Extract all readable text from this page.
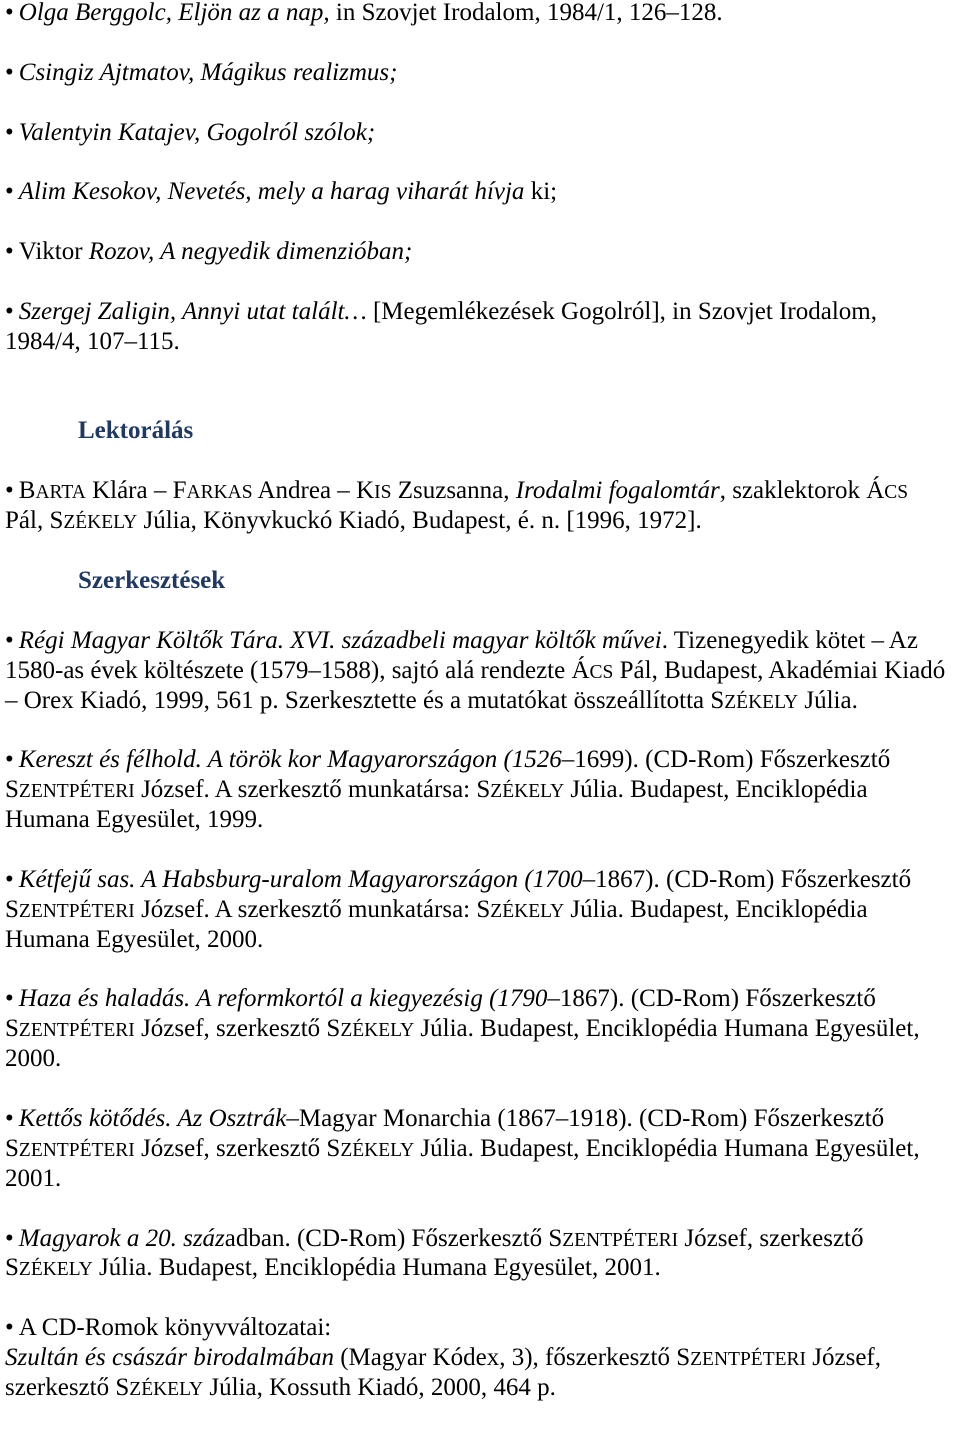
• Olga Berggolc, Eljön az a nap, in Szovjet Irodalom, 1984/1, 126–128.
• Csingiz Ajtmatov, Mágikus realizmus;
• Valentyin Katajev, Gogolról szólok;
• Alim Kesokov, Nevetés, mely a harag viharát hívja ki;
• Viktor Rozov, A negyedik dimenzióban;
• Szergej Zaligin, Annyi utat talált… [Megemlékezések Gogolról], in Szovjet Irodalom,
1984/4, 107–115.
Lektorálás
• BARTA Klára – FARKAS Andrea – KIS Zsuzsanna, Irodalmi fogalomtár, szaklektorok ÁCS
Pál, SZÉKELY Júlia, Könyvkuckó Kiadó, Budapest, é. n. [1996, 1972].
Szerkesztések
• Régi Magyar Költők Tára. XVI. századbeli magyar költők művei. Tizenegyedik kötet – Az
1580-as évek költészete (1579–1588), sajtó alá rendezte ÁCS Pál, Budapest, Akadémiai Kiadó
– Orex Kiadó, 1999, 561 p. Szerkesztette és a mutatókat összeállította SZÉKELY Júlia.
• Kereszt és félhold. A török kor Magyarországon (1526–1699). (CD-Rom) Főszerkesztő
SZENTPÉTERI József. A szerkesztő munkatársa: SZÉKELY Júlia. Budapest, Enciklopédia
Humana Egyesület, 1999.
• Kétfejű sas. A Habsburg-uralom Magyarországon (1700–1867). (CD-Rom) Főszerkesztő
SZENTPÉTERI József. A szerkesztő munkatársa: SZÉKELY Júlia. Budapest, Enciklopédia
Humana Egyesület, 2000.
• Haza és haladás. A reformkortól a kiegyezésig (1790–1867). (CD-Rom) Főszerkesztő
SZENTPÉTERI József, szerkesztő SZÉKELY Júlia. Budapest, Enciklopédia Humana Egyesület,
2000.
• Kettős kötődés. Az Osztrák–Magyar Monarchia (1867–1918). (CD-Rom) Főszerkesztő
SZENTPÉTERI József, szerkesztő SZÉKELY Júlia. Budapest, Enciklopédia Humana Egyesület,
2001.
• Magyarok a 20. században. (CD-Rom) Főszerkesztő SZENTPÉTERI József, szerkesztő
SZÉKELY Júlia. Budapest, Enciklopédia Humana Egyesület, 2001.
• A CD-Romok könyvváltozatai:
Szultán és császár birodalmában (Magyar Kódex, 3), főszerkesztő SZENTPÉTERI József,
szerkesztő SZÉKELY Júlia, Kossuth Kiadó, 2000, 464 p.
